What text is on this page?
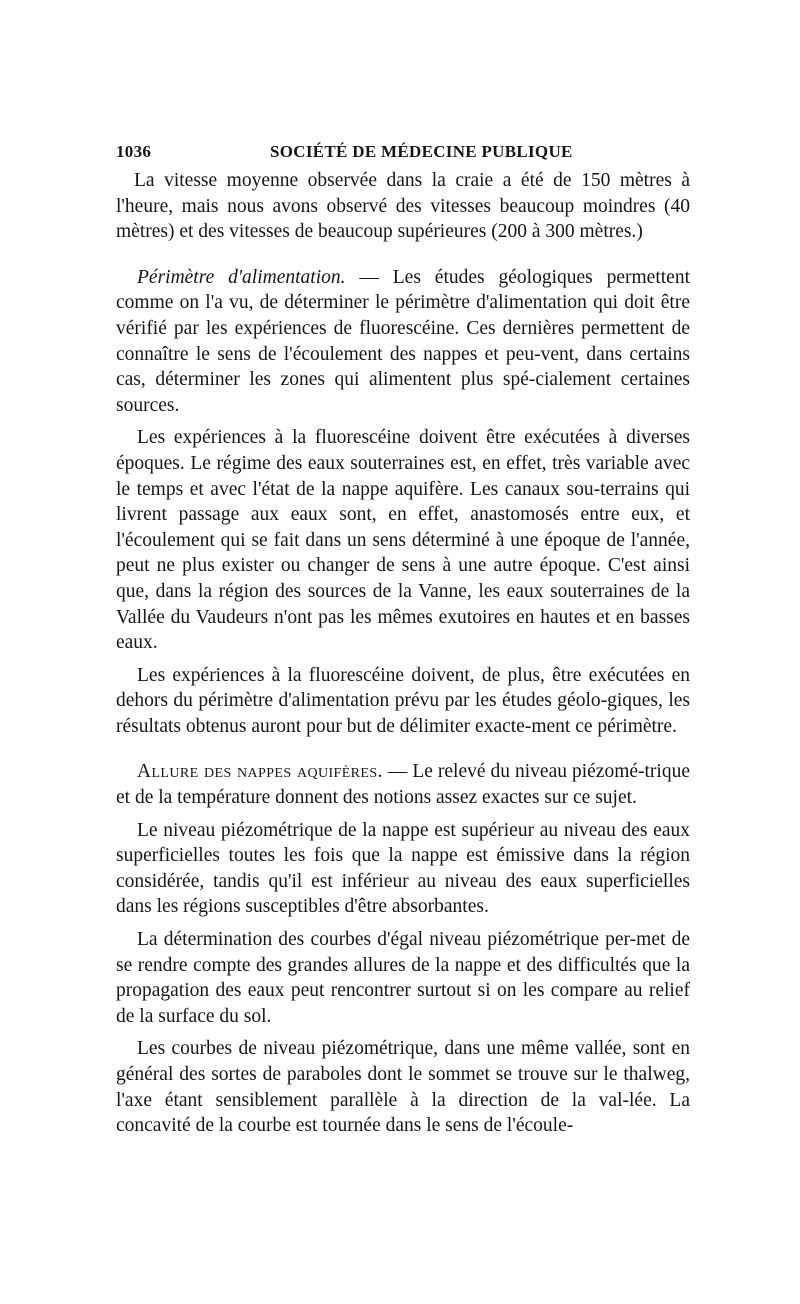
1036	SOCIÉTÉ DE MÉDECINE PUBLIQUE

La vitesse moyenne observée dans la craie a été de 150 mètres à l'heure, mais nous avons observé des vitesses beaucoup moindres (40 mètres) et des vitesses de beaucoup supérieures (200 à 300 mètres.)

Périmètre d'alimentation. — Les études géologiques permettent comme on l'a vu, de déterminer le périmètre d'alimentation qui doit être vérifié par les expériences de fluorescéine. Ces dernières permettent de connaître le sens de l'écoulement des nappes et peu-vent, dans certains cas, déterminer les zones qui alimentent plus spé-cialement certaines sources.

Les expériences à la fluorescéine doivent être exécutées à diverses époques. Le régime des eaux souterraines est, en effet, très variable avec le temps et avec l'état de la nappe aquifère. Les canaux sou-terrains qui livrent passage aux eaux sont, en effet, anastomosés entre eux, et l'écoulement qui se fait dans un sens déterminé à une époque de l'année, peut ne plus exister ou changer de sens à une autre époque. C'est ainsi que, dans la région des sources de la Vanne, les eaux souterraines de la Vallée du Vaudeurs n'ont pas les mêmes exutoires en hautes et en basses eaux.

Les expériences à la fluorescéine doivent, de plus, être exécutées en dehors du périmètre d'alimentation prévu par les études géolo-giques, les résultats obtenus auront pour but de délimiter exacte-ment ce périmètre.

Allure des nappes aquifères. — Le relevé du niveau piézomé-trique et de la température donnent des notions assez exactes sur ce sujet.

Le niveau piézométrique de la nappe est supérieur au niveau des eaux superficielles toutes les fois que la nappe est émissive dans la région considérée, tandis qu'il est inférieur au niveau des eaux superficielles dans les régions susceptibles d'être absorbantes.

La détermination des courbes d'égal niveau piézométrique per-met de se rendre compte des grandes allures de la nappe et des difficultés que la propagation des eaux peut rencontrer surtout si on les compare au relief de la surface du sol.

Les courbes de niveau piézométrique, dans une même vallée, sont en général des sortes de paraboles dont le sommet se trouve sur le thalweg, l'axe étant sensiblement parallèle à la direction de la val-lée. La concavité de la courbe est tournée dans le sens de l'écoule-
